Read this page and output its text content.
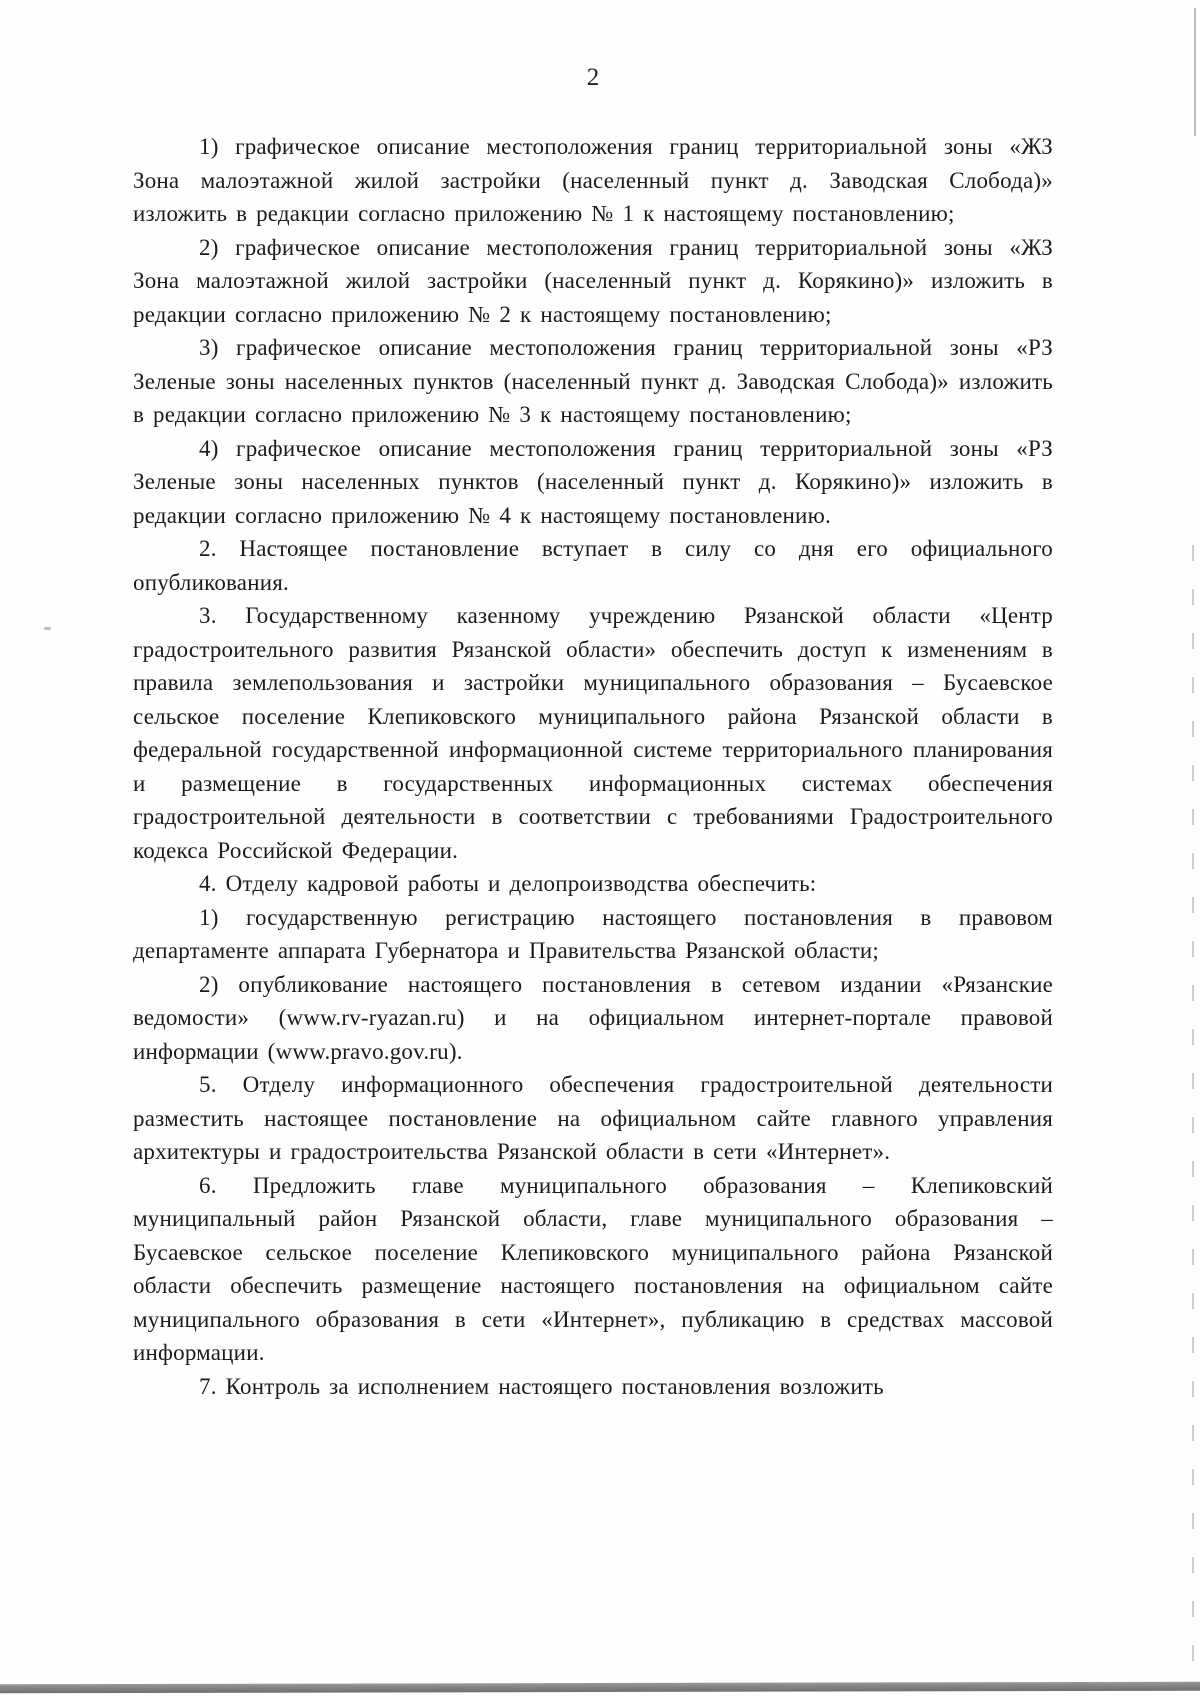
2

1) графическое описание местоположения границ территориальной зоны «ЖЗ Зона малоэтажной жилой застройки (населенный пункт д. Заводская Слобода)» изложить в редакции согласно приложению № 1 к настоящему постановлению;

2) графическое описание местоположения границ территориальной зоны «ЖЗ Зона малоэтажной жилой застройки (населенный пункт д. Корякино)» изложить в редакции согласно приложению № 2 к настоящему постановлению;

3) графическое описание местоположения границ территориальной зоны «РЗ Зеленые зоны населенных пунктов (населенный пункт д. Заводская Слобода)» изложить в редакции согласно приложению № 3 к настоящему постановлению;

4) графическое описание местоположения границ территориальной зоны «РЗ Зеленые зоны населенных пунктов (населенный пункт д. Корякино)» изложить в редакции согласно приложению № 4 к настоящему постановлению.

2. Настоящее постановление вступает в силу со дня его официального опубликования.

3. Государственному казенному учреждению Рязанской области «Центр градостроительного развития Рязанской области» обеспечить доступ к изменениям в правила землепользования и застройки муниципального образования – Бусаевское сельское поселение Клепиковского муниципального района Рязанской области в федеральной государственной информационной системе территориального планирования и размещение в государственных информационных системах обеспечения градостроительной деятельности в соответствии с требованиями Градостроительного кодекса Российской Федерации.

4. Отделу кадровой работы и делопроизводства обеспечить:

1) государственную регистрацию настоящего постановления в правовом департаменте аппарата Губернатора и Правительства Рязанской области;

2) опубликование настоящего постановления в сетевом издании «Рязанские ведомости» (www.rv-ryazan.ru) и на официальном интернет-портале правовой информации (www.pravo.gov.ru).

5. Отделу информационного обеспечения градостроительной деятельности разместить настоящее постановление на официальном сайте главного управления архитектуры и градостроительства Рязанской области в сети «Интернет».

6. Предложить главе муниципального образования – Клепиковский муниципальный район Рязанской области, главе муниципального образования – Бусаевское сельское поселение Клепиковского муниципального района Рязанской области обеспечить размещение настоящего постановления на официальном сайте муниципального образования в сети «Интернет», публикацию в средствах массовой информации.

7. Контроль за исполнением настоящего постановления возложить
